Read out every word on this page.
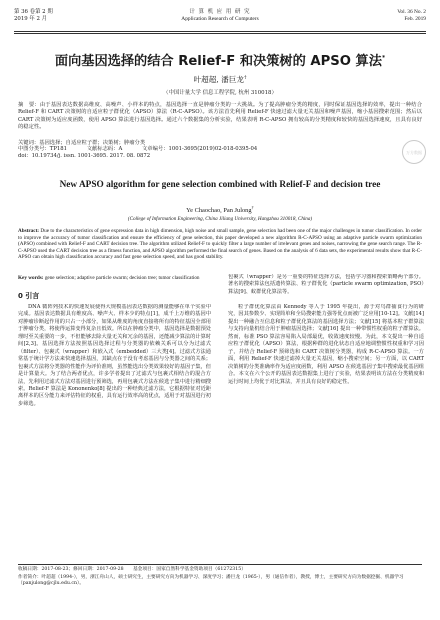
第 36 卷第 2 期
2019 年 2 月
计 算 机 应 用 研 究
Application Research of Computers
Vol. 36 No. 2
Feb. 2019
面向基因选择的结合 Relief-F 和决策树的 APSO 算法*
叶超超, 潘巨龙†
（中国计量大学 信息工程学院, 杭州 310018）
摘　要：由于基因表达数据高维度、高噪声、小样本的特点，基因选择一直是肿瘤分类的一大挑战。为了提高肿瘤分类的精度，同时保证基因选择的效率，提出一种结合 Relief-F 和 CART 决策树的自适应粒子群优化（APSO）算法（R-C-APSO）。该方法首先利用 Relief-F 快速过滤大量无关基因和噪声基因，缩小基因搜索范围；然后以 CART 决策树为适应度函数，使用 APSO 算法进行基因选择。通过六个数据集的分析实验，结果表明 R-C-APSO 拥有较高的分类精度和较快的基因选择速度，且具有良好的稳定性。
关键词：基因选择；自适应粒子群；决策树；肿瘤分类
中图分类号：TP181	文献标志码：A	文章编号：1001-3695(2019)02-018-0395-04
doi：10.19734/j. issn. 1001-3695. 2017. 08. 0872
万方数据
New APSO algorithm for gene selection combined with Relief-F and decision tree
Ye Chaochao, Pan Julong†
(College of Information Engineering, China Jiliang University, Hangzhou 310018, China)
Abstract: Due to the characteristics of gene expression data in high dimension, high noise and small sample, gene selection had been one of the major challenges in tumor classification. In order to improve the accuracy of tumor classification and ensure the efficiency of gene selection, this paper developed a new algorithm R-C-APSO using an adaptive particle swarm optimization (APSO) combined with Relief-F and CART decision tree. The algorithm utilized Relief-F to quickly filter a large number of irrelevant genes and noises, narrowing the gene search range. The R-C-APSO used the CART decision tree as a fitness function, and APSO algorithm performed the final search of genes. Based on the analysis of 6 data sets, the experimental results show that R-C-APSO can obtain high classification accuracy and fast gene selection speed, and has good stability.
Key words: gene selection; adaptive particle swarm; decision tree; tumor classification
0 引言
DNA 微阵列技术的快速发展使得大规模基因表达数据的测量能够在单个实验中完成。基因表达数据具有维度高、噪声大、样本少的特点[1]，成千上万维的基因中对肿瘤诊断起作用的只占一小部分，如果从维度的角度直接将所有的特征基因全部用于肿瘤分类，将使得运算变得复杂且低效。所以在肿瘤分类中，基因选择是数据预处理时至关重要的一步，不但能够去除大量无关和冗余的基因，还能减少算法的计算时间[2,3]。基因选择方法按照基因选择过程与分类器的依赖关系可以分为过滤式（filter）、包裹式（wrapper）和嵌入式（embedded）三大类[4]。过滤式方法通常基于统计学方法来快速选择基因，其缺点在于没有考虑基因与分类器之间的关系；包裹式方法将分类器的性能作为评价准则，虽然能选出分类效果较好的基因子集，但是计算量大。为了结合两者优点，许多学者提出了过滤式与包裹式相结合的混合方法，先利用过滤式方法对基因进行预筛选，再用包裹式方法在候选子集中进行精细搜索。Relief-F 算法是 Kononenko[8] 提出的一种经典过滤方法，它根据特征对近距离样本的区分能力来评估特征的权重，具有运行效率高的优点，适用于对基因进行初步筛选。
包裹式（wrapper）是另一重要的特征选择方法，包括学习器和搜索策略两个部分。著名的搜索算法包括遗传算法、粒子群优化（particle swarm optimization, PSO）算法[9]、蚁群优化算法等。
粒子群优化算法由 Kennedy 等人于 1995 年提出，源于对鸟群捕食行为的研究，因其参数少、实现简单和全局搜索能力强等优点而被广泛应用[10-12]。文献[14] 提出一种融合互信息和粒子群优化算法的基因选择方法；文献[15] 将基本粒子群算法与支持向量机结合用于肿瘤基因选择；文献[16] 提出一种带惯性权重的粒子群算法。然而，标准 PSO 算法容易陷入局部最优，收敛速度较慢。为此，本文提出一种自适应粒子群优化（APSO）算法，根据种群的进化状态自适应地调整惯性权重和学习因子，并结合 Relief-F 预筛选和 CART 决策树分类器，构成 R-C-APSO 算法。一方面，利用 Relief-F 快速过滤掉大量无关基因，缩小搜索空间；另一方面，以 CART 决策树的分类准确率作为适应度函数，利用 APSO 在候选基因子集中搜索最优基因组合。本文在六个公开的基因表达数据集上进行了实验，结果表明该方法在分类精度和运行时间上均优于对比算法，并且具有良好的稳定性。
收稿日期：2017-08-23；修回日期：2017-09-28　　基金项目：国家自然科学基金资助项目（61272315）
作者简介：叶超超（1994-），男，浙江舟山人，硕士研究生，主要研究方向为机器学习、深度学习；潘巨龙（1965-），男（通信作者），教授，博士，主要研究方向为数据挖掘、机器学习（panjulong@cjlu.edu.cn）。
